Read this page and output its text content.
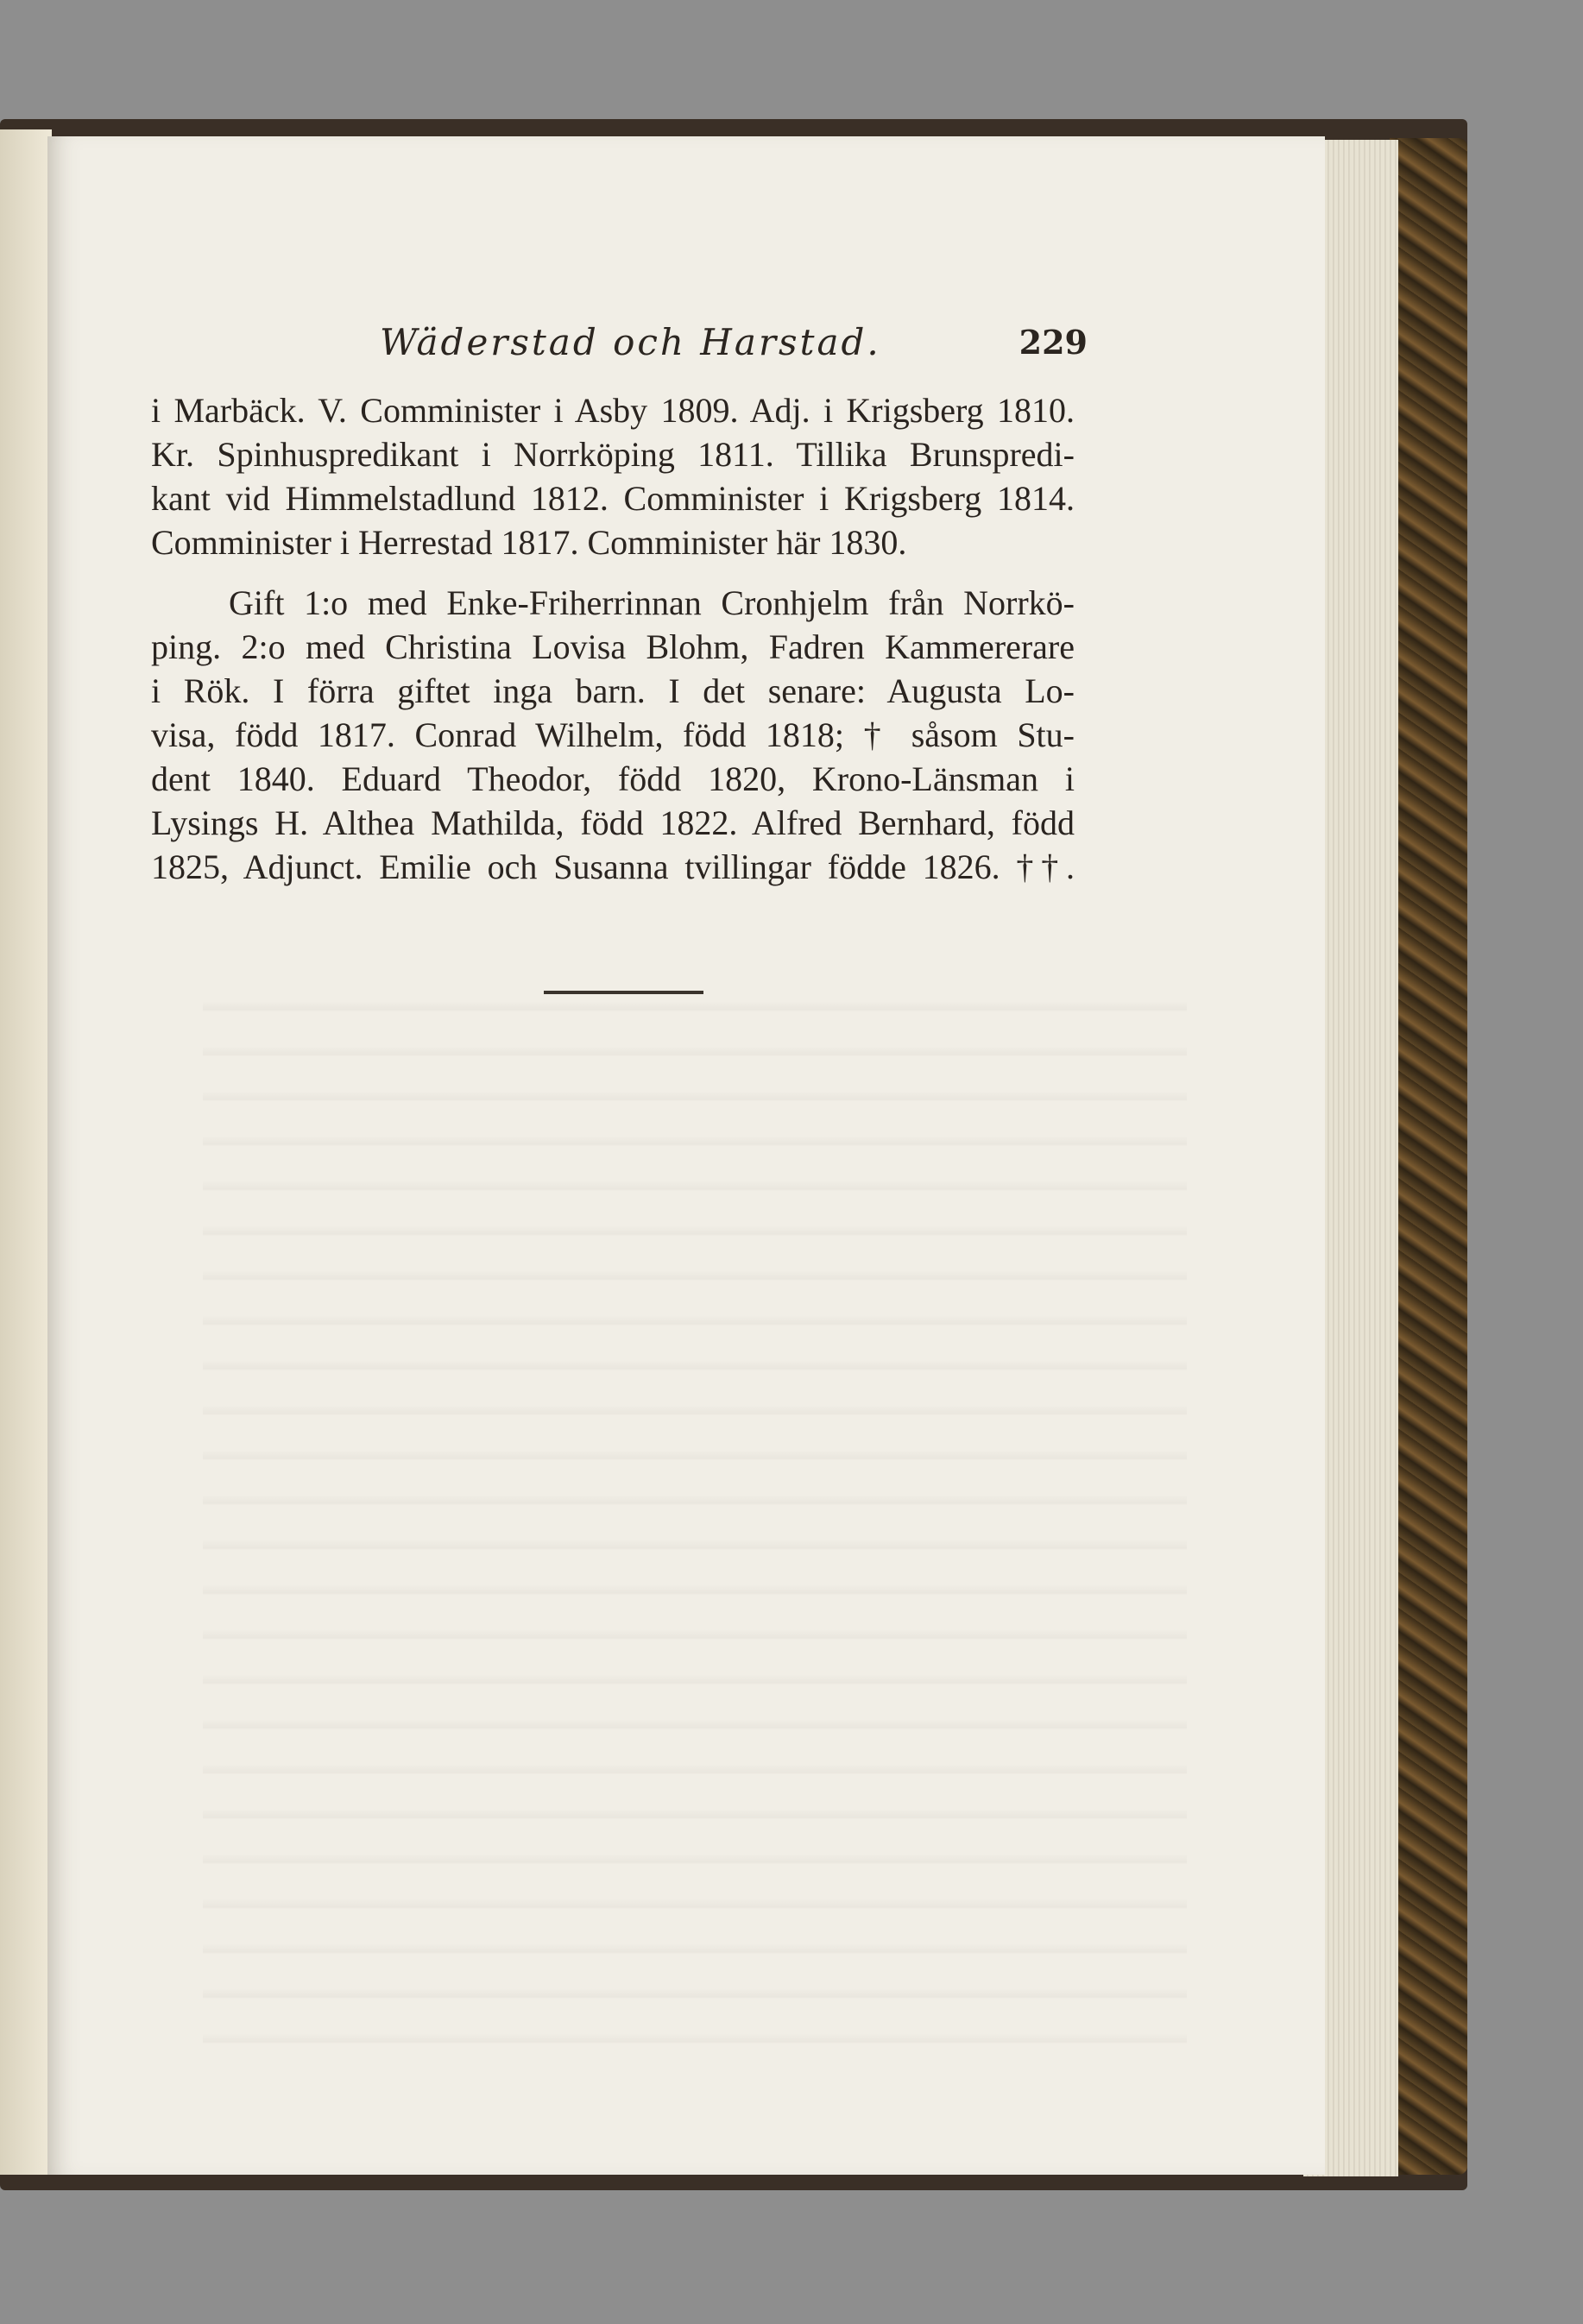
Wäderstad och Harstad.	229
i Marbäck. V. Comminister i Asby 1809. Adj. i Krigsberg 1810.
Kr. Spinhuspredikant i Norrköping 1811. Tillika Brunspredi-
kant vid Himmelstadlund 1812. Comminister i Krigsberg 1814.
Comminister i Herrestad 1817. Comminister här 1830.
Gift 1:o med Enke-Friherrinnan Cronhjelm från Norrkö-
ping. 2:o med Christina Lovisa Blohm, Fadren Kammererare
i Rök. I förra giftet inga barn. I det senare: Augusta Lo-
visa, född 1817. Conrad Wilhelm, född 1818; † såsom Stu-
dent 1840. Eduard Theodor, född 1820, Krono-Länsman i
Lysings H. Althea Mathilda, född 1822. Alfred Bernhard, född
1825, Adjunct. Emilie och Susanna tvillingar födde 1826. ††.
